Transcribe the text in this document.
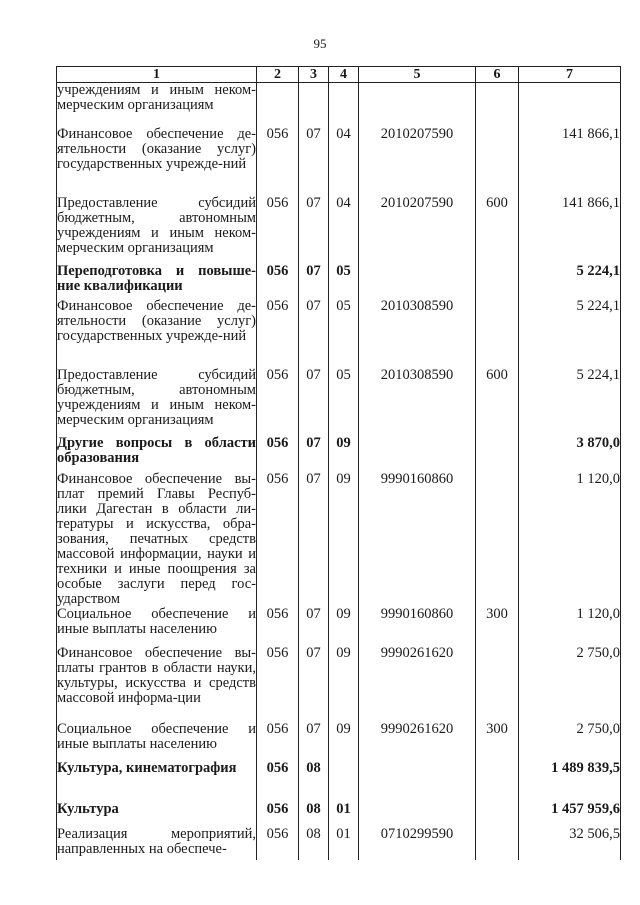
95
1	2	3	4	5	6	7
учреждениям и иным неком-мерческим организациям						
Финансовое обеспечение де-ятельности (оказание услуг) государственных учрежде-ний	056	07	04	2010207590		141 866,1
Предоставление субсидий бюджетным, автономным учреждениям и иным неком-мерческим организациям	056	07	04	2010207590	600	141 866,1
Переподготовка и повыше-ние квалификации	056	07	05			5 224,1
Финансовое обеспечение де-ятельности (оказание услуг) государственных учрежде-ний	056	07	05	2010308590		5 224,1
Предоставление субсидий бюджетным, автономным учреждениям и иным неком-мерческим организациям	056	07	05	2010308590	600	5 224,1
Другие вопросы в области образования	056	07	09			3 870,0
Финансовое обеспечение вы-плат премий Главы Респуб-лики Дагестан в области ли-тературы и искусства, обра-зования, печатных средств массовой информации, науки и техники и иные поощрения за особые заслуги перед гос-ударством	056	07	09	9990160860		1 120,0
Социальное обеспечение и иные выплаты населению	056	07	09	9990160860	300	1 120,0
Финансовое обеспечение вы-платы грантов в области науки, культуры, искусства и средств массовой информа-ции	056	07	09	9990261620		2 750,0
Социальное обеспечение и иные выплаты населению	056	07	09	9990261620	300	2 750,0
Культура, кинематография	056	08				1 489 839,5
Культура	056	08	01			1 457 959,6
Реализация мероприятий, направленных на обеспече-	056	08	01	0710299590		32 506,5
